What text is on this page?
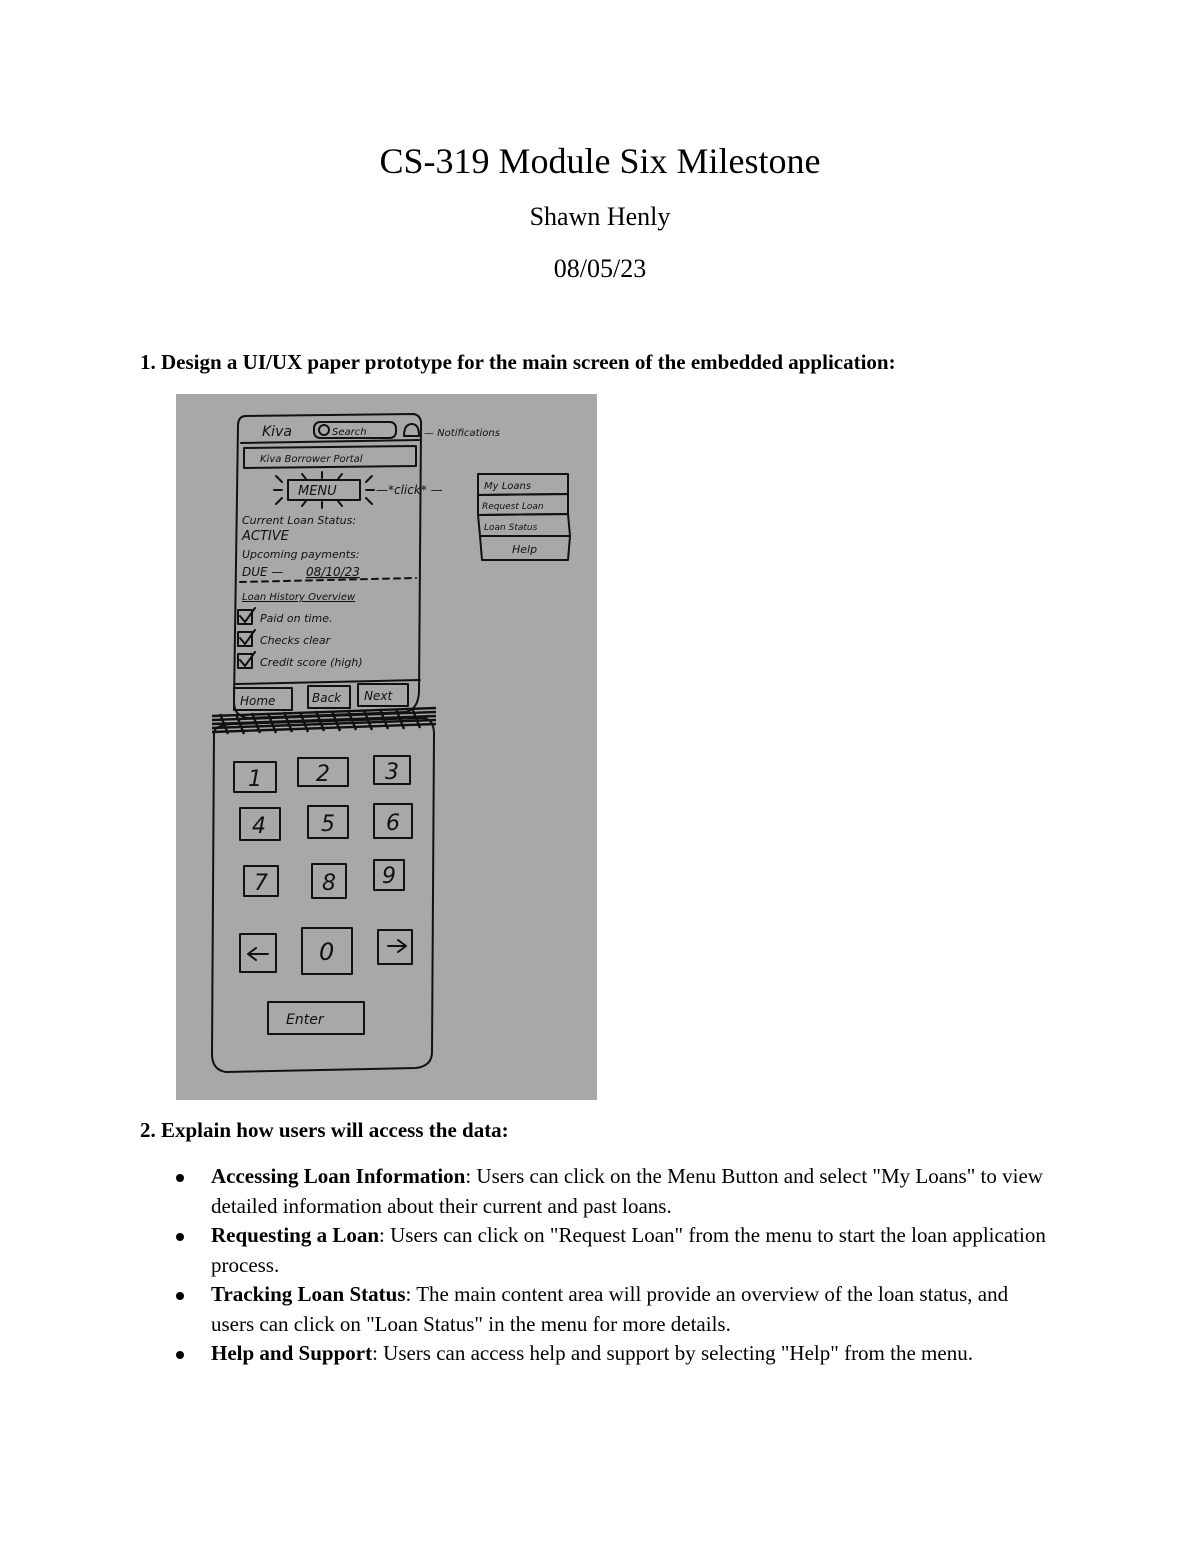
CS-319 Module Six Milestone
Shawn Henly
08/05/23
1. Design a UI/UX paper prototype for the main screen of the embedded application:
Kiva	Search	— Notifications
Kiva Borrower Portal
MENU	—*click* —	My Loans
Request Loan
Loan Status
Help
Current Loan Status:
ACTIVE
Upcoming payments:
DUE — 08/10/23
Loan History Overview
Paid on time.
Checks clear
Credit score (high)
Home	Back Next
1 2	3
4	5 6
7 8 9
0
Enter
2. Explain how users will access the data:
Accessing Loan Information: Users can click on the Menu Button and select "My Loans" to view detailed information about their current and past loans.
Requesting a Loan: Users can click on "Request Loan" from the menu to start the loan application process.
Tracking Loan Status: The main content area will provide an overview of the loan status, and users can click on "Loan Status" in the menu for more details.
Help and Support: Users can access help and support by selecting "Help" from the menu.
